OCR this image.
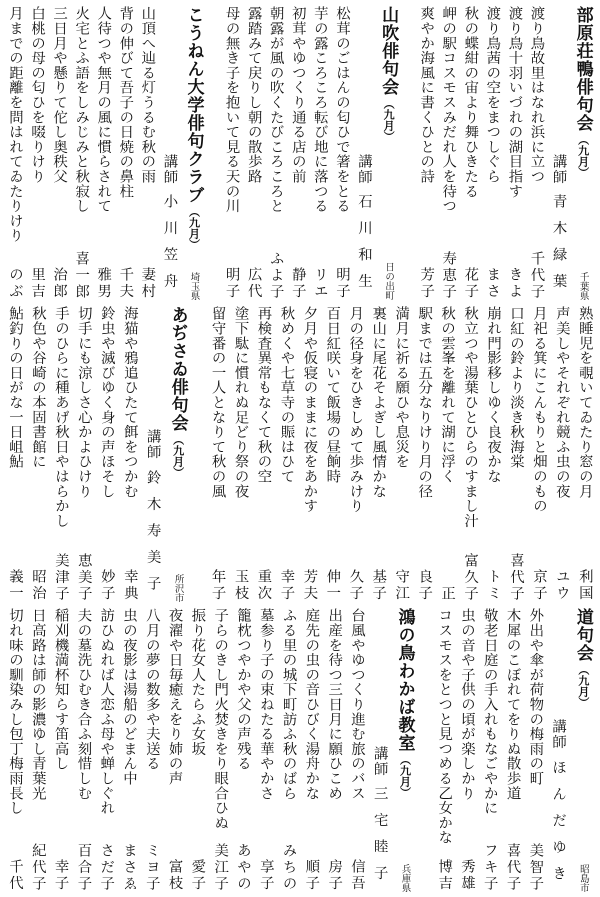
部原荘鴨俳句会
（九月）
千葉県
講師
青木緑葉
渡り鳥故里はなれ浜に立つ
千代子
渡り鳥十羽いづれの湖目指す
きよ
渡り鳥茜の空をまつしぐら
まさ
秋の蝶紺の宙より舞ひきたる
花子
岬の駅コスモスみだれ人を待つ
寿恵子
爽やか海風に書くひとの詩
芳子
山吹俳句会
（九月）
日の出町
講師
石川和生
松茸のごはんの匂ひで箸をとる
明子
芋の露ころころ転び地に落つる
リエ
初茸やゆつくり通る店の前
静子
朝露が風の吹くたびころころと
ふよ子
露踏みて戻りし朝の散歩路
広代
母の無き子を抱いて見る天の川
明子
こうねん大学俳句クラブ
（九月）
埼玉県
講師
小川笠舟
山頂へ辿る灯うるむ秋の雨
妻村
背の伸びて吾子の日焼の鼻柱
千夫
人待つや無月の風に慣らされて
雅男
火宅とふ語をしみじみと秋寂し
喜一郎
三日月や懸りて佗し奥秩父
治郎
白桃の母の匂ひを啜りけり
里吉
月までの距離を問はれてゐたりけり
のぶ
熟睡児を覗いてゐたり窓の月
利国
声美しやそれぞれ競ふ虫の夜
ユウ
月祀る箕にこんもりと畑のもの
京子
口紅の鈴より淡き秋海棠
喜代子
崩れ門影移しゆく良夜かな
トミ
秋立つや湯葉ひとひらのすまし汁
富久子
秋の雲峯を離れて湖に浮く
正
駅までは五分なりけり月の径
良子
満月に祈る願ひや息災を
守江
裏山に尾花そよぎし風情かな
基子
月の径身をひきしめて歩みけり
久子
百日紅咲いて飯場の昼餉時
伸一
夕月や仮寝のままに夜をあかす
芳夫
秋めくや七草寺の賑はひて
幸子
再検査異常もなくて秋の空
重次
塗下駄に慣れぬ足どり祭の夜
玉枝
留守番の一人となりて秋の風
年子
あぢさゐ俳句会
（九月）
所沢市
講師
鈴木寿美子
海猫や鴉追ひたて餌をつかむ
幸典
鈴虫や滅びゆく身の声ほそし
妙子
切手にも涼しさ心かよひけり
恵美子
手のひらに種あげ秋日やはらかし
美津子
秋色や谷崎の本固書館に
昭治
鮎釣りの日がな一日岨鮎
義一
道句会
（九月）
昭島市
講師
ほんだゆき
外出や傘が荷物の梅雨の町
美智子
木犀のこぼれてをりぬ散歩道
喜代子
敬老日庭の手入れもなごやかに
フキ子
虫の音や子供の頃が楽しかり
秀雄
コスモスをとつと見つめる乙女かな
博吉
鴻の鳥わかば教室
（九月）
兵庫県
講師
三宅睦子
台風やゆつくり進む旅のバス
信吾
出産を待つ三日月に願ひこめ
房子
庭先の虫の音ひびく湯舟かな
順子
ふる里の城下町訪ふ秋のばら
みちの
墓参り子の束ねたる華やかさ
享子
籠枕つやかや父の声残る
あやの
子らのきし門火焚きをり眼合ひぬ
美江子
振り花女人たらふ女坂
愛子
夜濯や日毎癒えをり姉の声
富枝
八月の夢の数多や夫送る
ミヨ子
虫の夜影は湯船のどまん中
まさゑ
訪ひぬれば人恋ふ母や蝉しぐれ
さだ子
夫の墓洗ひむき合ふ刻惜しむ
百合子
稲刈機満杯知らす笛高し
幸子
日高路は師の影濃ゆし青葉光
紀代子
切れ味の馴染みし包丁梅雨長し
千代
